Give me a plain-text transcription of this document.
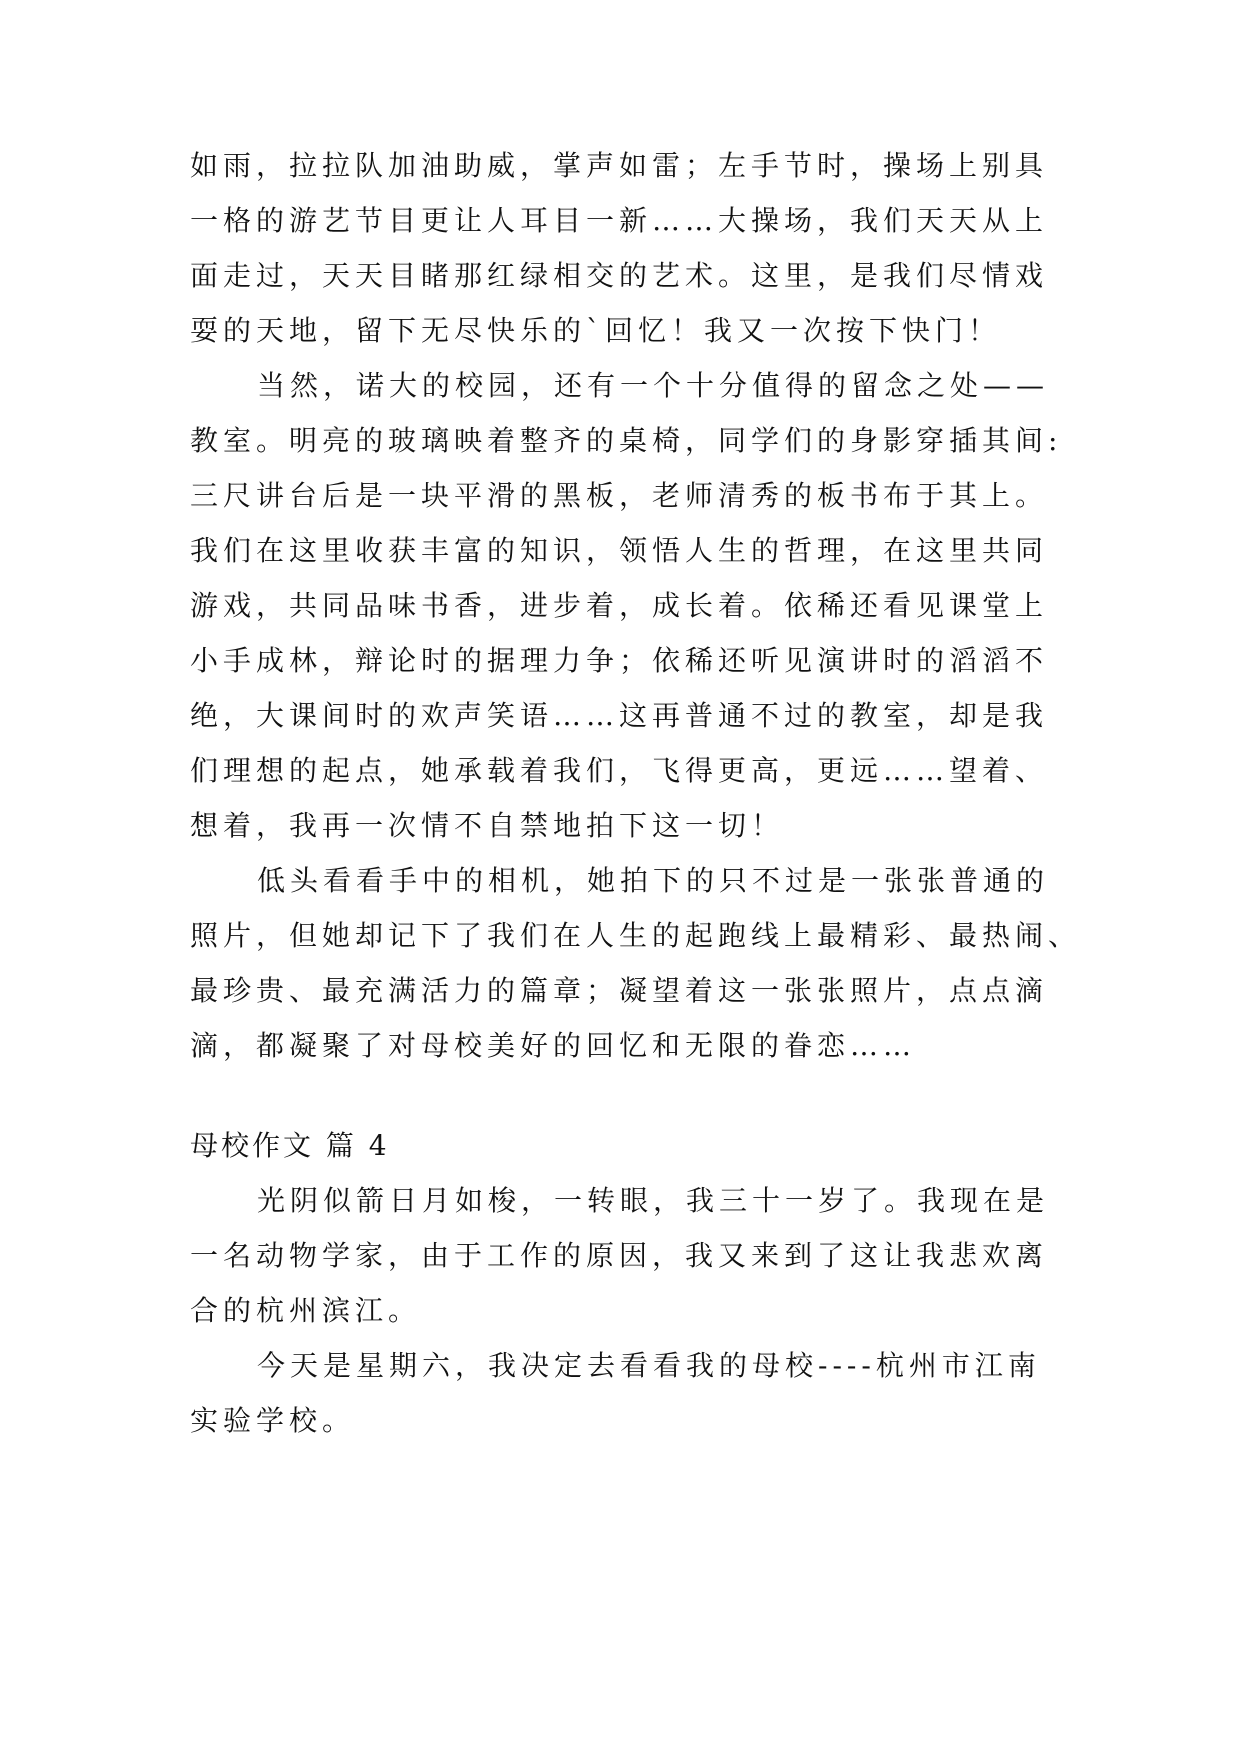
如雨，拉拉队加油助威，掌声如雷；左手节时，操场上别具
一格的游艺节目更让人耳目一新……大操场，我们天天从上
面走过，天天目睹那红绿相交的艺术。这里，是我们尽情戏
耍的天地，留下无尽快乐的`回忆！我又一次按下快门！
当然，诺大的校园，还有一个十分值得的留念之处——
教室。明亮的玻璃映着整齐的桌椅，同学们的身影穿插其间:
三尺讲台后是一块平滑的黑板，老师清秀的板书布于其上。
我们在这里收获丰富的知识，领悟人生的哲理，在这里共同
游戏，共同品味书香，进步着，成长着。依稀还看见课堂上
小手成林，辩论时的据理力争；依稀还听见演讲时的滔滔不
绝，大课间时的欢声笑语……这再普通不过的教室，却是我
们理想的起点，她承载着我们，飞得更高，更远……望着、
想着，我再一次情不自禁地拍下这一切！
低头看看手中的相机，她拍下的只不过是一张张普通的
照片，但她却记下了我们在人生的起跑线上最精彩、最热闹、
最珍贵、最充满活力的篇章；凝望着这一张张照片，点点滴
滴，都凝聚了对母校美好的回忆和无限的眷恋……
母校作文 篇 4
光阴似箭日月如梭，一转眼，我三十一岁了。我现在是
一名动物学家，由于工作的原因，我又来到了这让我悲欢离
合的杭州滨江。
今天是星期六，我决定去看看我的母校----杭州市江南
实验学校。
